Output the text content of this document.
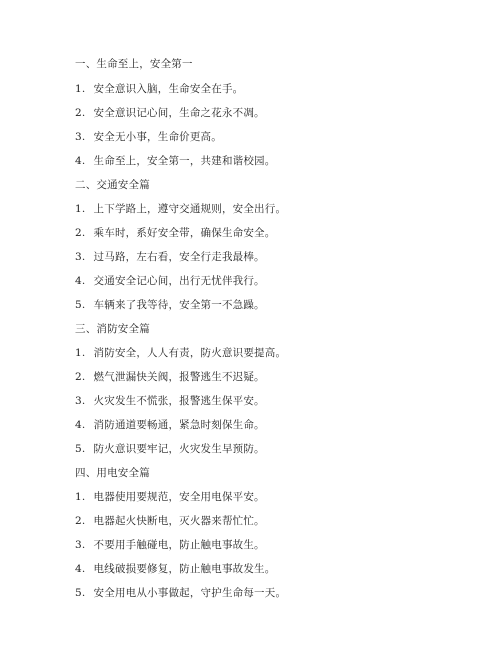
一、生命至上，安全第一
1. 安全意识入脑，生命安全在手。
2. 安全意识记心间，生命之花永不凋。
3. 安全无小事，生命价更高。
4. 生命至上，安全第一，共建和谐校园。
二、交通安全篇
1. 上下学路上，遵守交通规则，安全出行。
2. 乘车时，系好安全带，确保生命安全。
3. 过马路，左右看，安全行走我最棒。
4. 交通安全记心间，出行无忧伴我行。
5. 车辆来了我等待，安全第一不急躁。
三、消防安全篇
1. 消防安全，人人有责，防火意识要提高。
2. 燃气泄漏快关阀，报警逃生不迟疑。
3. 火灾发生不慌张，报警逃生保平安。
4. 消防通道要畅通，紧急时刻保生命。
5. 防火意识要牢记，火灾发生早预防。
四、用电安全篇
1. 电器使用要规范，安全用电保平安。
2. 电器起火快断电，灭火器来帮忙忙。
3. 不要用手触碰电，防止触电事故生。
4. 电线破损要修复，防止触电事故发生。
5. 安全用电从小事做起，守护生命每一天。
